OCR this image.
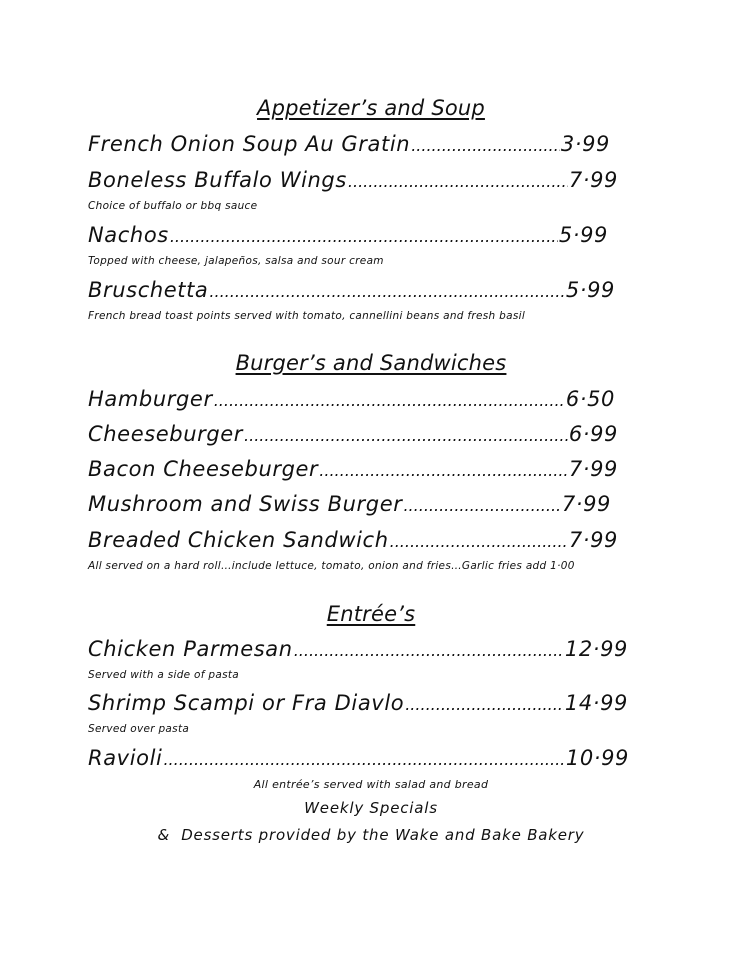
Appetizer’s and Soup
French Onion Soup Au Gratin .....	3·99
Boneless Buffalo Wings .....	7·99
Choice of buffalo or bbq sauce
Nachos .....	5·99
Topped with cheese, jalapeños, salsa and sour cream
Bruschetta .....	5·99
French bread toast points served with tomato, cannellini beans and fresh basil
Burger’s and Sandwiches
Hamburger .....	6·50
Cheeseburger .....	6·99
Bacon Cheeseburger .....	7·99
Mushroom and Swiss Burger .....	7·99
Breaded Chicken Sandwich .....	7·99
All served on a hard roll…include lettuce, tomato, onion and fries…Garlic fries add 1·00
Entrée’s
Chicken Parmesan .....	12·99
Served with a side of pasta
Shrimp Scampi or Fra Diavlo .....	14·99
Served over pasta
Ravioli .....	10·99
All entrée’s served with salad and bread
Weekly Specials
& Desserts provided by the Wake and Bake Bakery
